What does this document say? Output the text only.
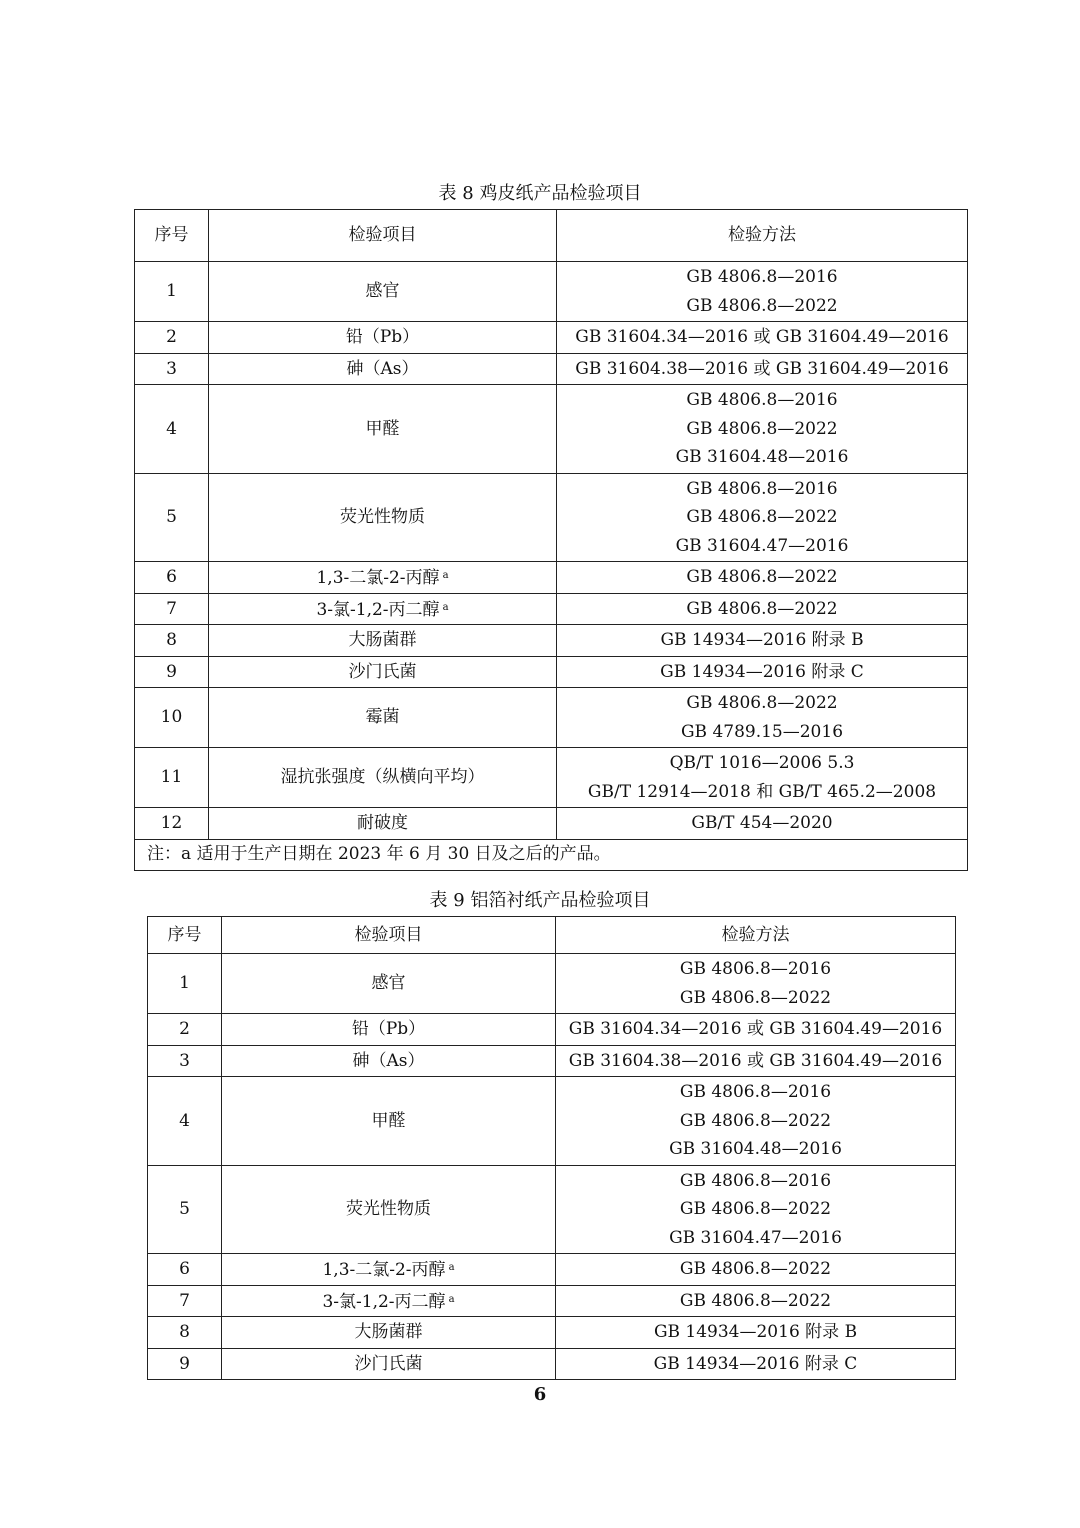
表 8 鸡皮纸产品检验项目
序号	检验项目	检验方法
1	感官	GB 4806.8—2016
GB 4806.8—2022

2	铅（Pb）	GB 31604.34—2016 或 GB 31604.49—2016

3	砷（As）	GB 31604.38—2016 或 GB 31604.49—2016

4	甲醛	GB 4806.8—2016
GB 4806.8—2022
GB 31604.48—2016

5	荧光性物质	GB 4806.8—2016
GB 4806.8—2022
GB 31604.47—2016

6	1,3-二氯-2-丙醇 $^a$	GB 4806.8—2022

7	3-氯-1,2-丙二醇 $^a$	GB 4806.8—2022

8	大肠菌群	GB 14934—2016 附录 B

9	沙门氏菌	GB 14934—2016 附录 C

10	霉菌	GB 4806.8—2022
GB 4789.15—2016

11	湿抗张强度（纵横向平均）	QB/T 1016—2006 5.3
GB/T 12914—2018 和 GB/T 465.2—2008

12	耐破度	GB/T 454—2020

注：a 适用于生产日期在 2023 年 6 月 30 日及之后的产品。		
表 9 铝箔衬纸产品检验项目
序号	检验项目	检验方法
1	感官	GB 4806.8—2016
GB 4806.8—2022

2	铅（Pb）	GB 31604.34—2016 或 GB 31604.49—2016

3	砷（As）	GB 31604.38—2016 或 GB 31604.49—2016

4	甲醛	GB 4806.8—2016
GB 4806.8—2022
GB 31604.48—2016

5	荧光性物质	GB 4806.8—2016
GB 4806.8—2022
GB 31604.47—2016

6	1,3-二氯-2-丙醇 $^a$	GB 4806.8—2022

7	3-氯-1,2-丙二醇 $^a$	GB 4806.8—2022

8	大肠菌群	GB 14934—2016 附录 B

9	沙门氏菌	GB 14934—2016 附录 C
6
